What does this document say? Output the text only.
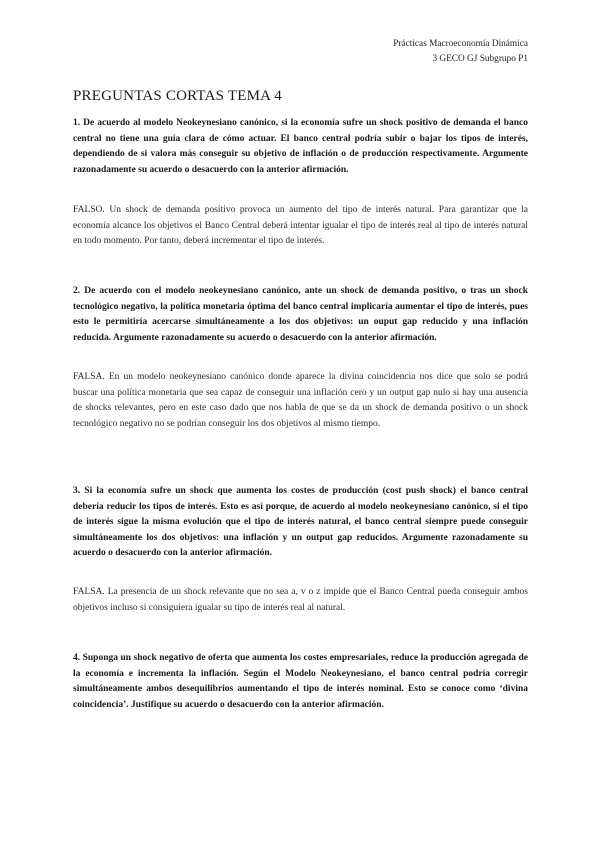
Prácticas Macroeconomía Dinámica
3 GECO GJ Subgrupo P1
PREGUNTAS CORTAS TEMA 4

1. De acuerdo al modelo Neokeynesiano canónico, si la economía sufre un shock positivo de demanda el banco central no tiene una guía clara de cómo actuar. El banco central podría subir o bajar los tipos de interés, dependiendo de si valora más conseguir su objetivo de inflación o de producción respectivamente. Argumente razonadamente su acuerdo o desacuerdo con la anterior afirmación.

FALSO. Un shock de demanda positivo provoca un aumento del tipo de interés natural. Para garantizar que la economía alcance los objetivos el Banco Central deberá intentar igualar el tipo de interés real al tipo de interés natural en todo momento. Por tanto, deberá incrementar el tipo de interés.

2. De acuerdo con el modelo neokeynesiano canónico, ante un shock de demanda positivo, o tras un shock tecnológico negativo, la política monetaria óptima del banco central implicaría aumentar el tipo de interés, pues esto le permitiría acercarse simultáneamente a los dos objetivos: un ouput gap reducido y una inflación reducida. Argumente razonadamente su acuerdo o desacuerdo con la anterior afirmación.

FALSA. En un modelo neokeynesiano canónico donde aparece la divina coincidencia nos dice que solo se podrá buscar una política monetaria que sea capaz de conseguir una inflación cero y un output gap nulo si hay una ausencia de shocks relevantes, pero en este caso dado que nos habla de que se da un shock de demanda positivo o un shock tecnológico negativo no se podrían conseguir los dos objetivos al mismo tiempo.

3. Si la economía sufre un shock que aumenta los costes de producción (cost push shock) el banco central debería reducir los tipos de interés. Esto es así porque, de acuerdo al modelo neokeynesiano canónico, si el tipo de interés sigue la misma evolución que el tipo de interés natural, el banco central siempre puede conseguir simultáneamente los dos objetivos: una inflación y un output gap reducidos. Argumente razonadamente su acuerdo o desacuerdo con la anterior afirmación.

FALSA. La presencia de un shock relevante que no sea a, v o z impide que el Banco Central pueda conseguir ambos objetivos incluso si consiguiera igualar su tipo de interés real al natural.

4. Suponga un shock negativo de oferta que aumenta los costes empresariales, reduce la producción agregada de la economía e incrementa la inflación. Según el Modelo Neokeynesiano, el banco central podría corregir simultáneamente ambos desequilibrios aumentando el tipo de interés nominal. Esto se conoce como ‘divina coincidencia’. Justifique su acuerdo o desacuerdo con la anterior afirmación.
